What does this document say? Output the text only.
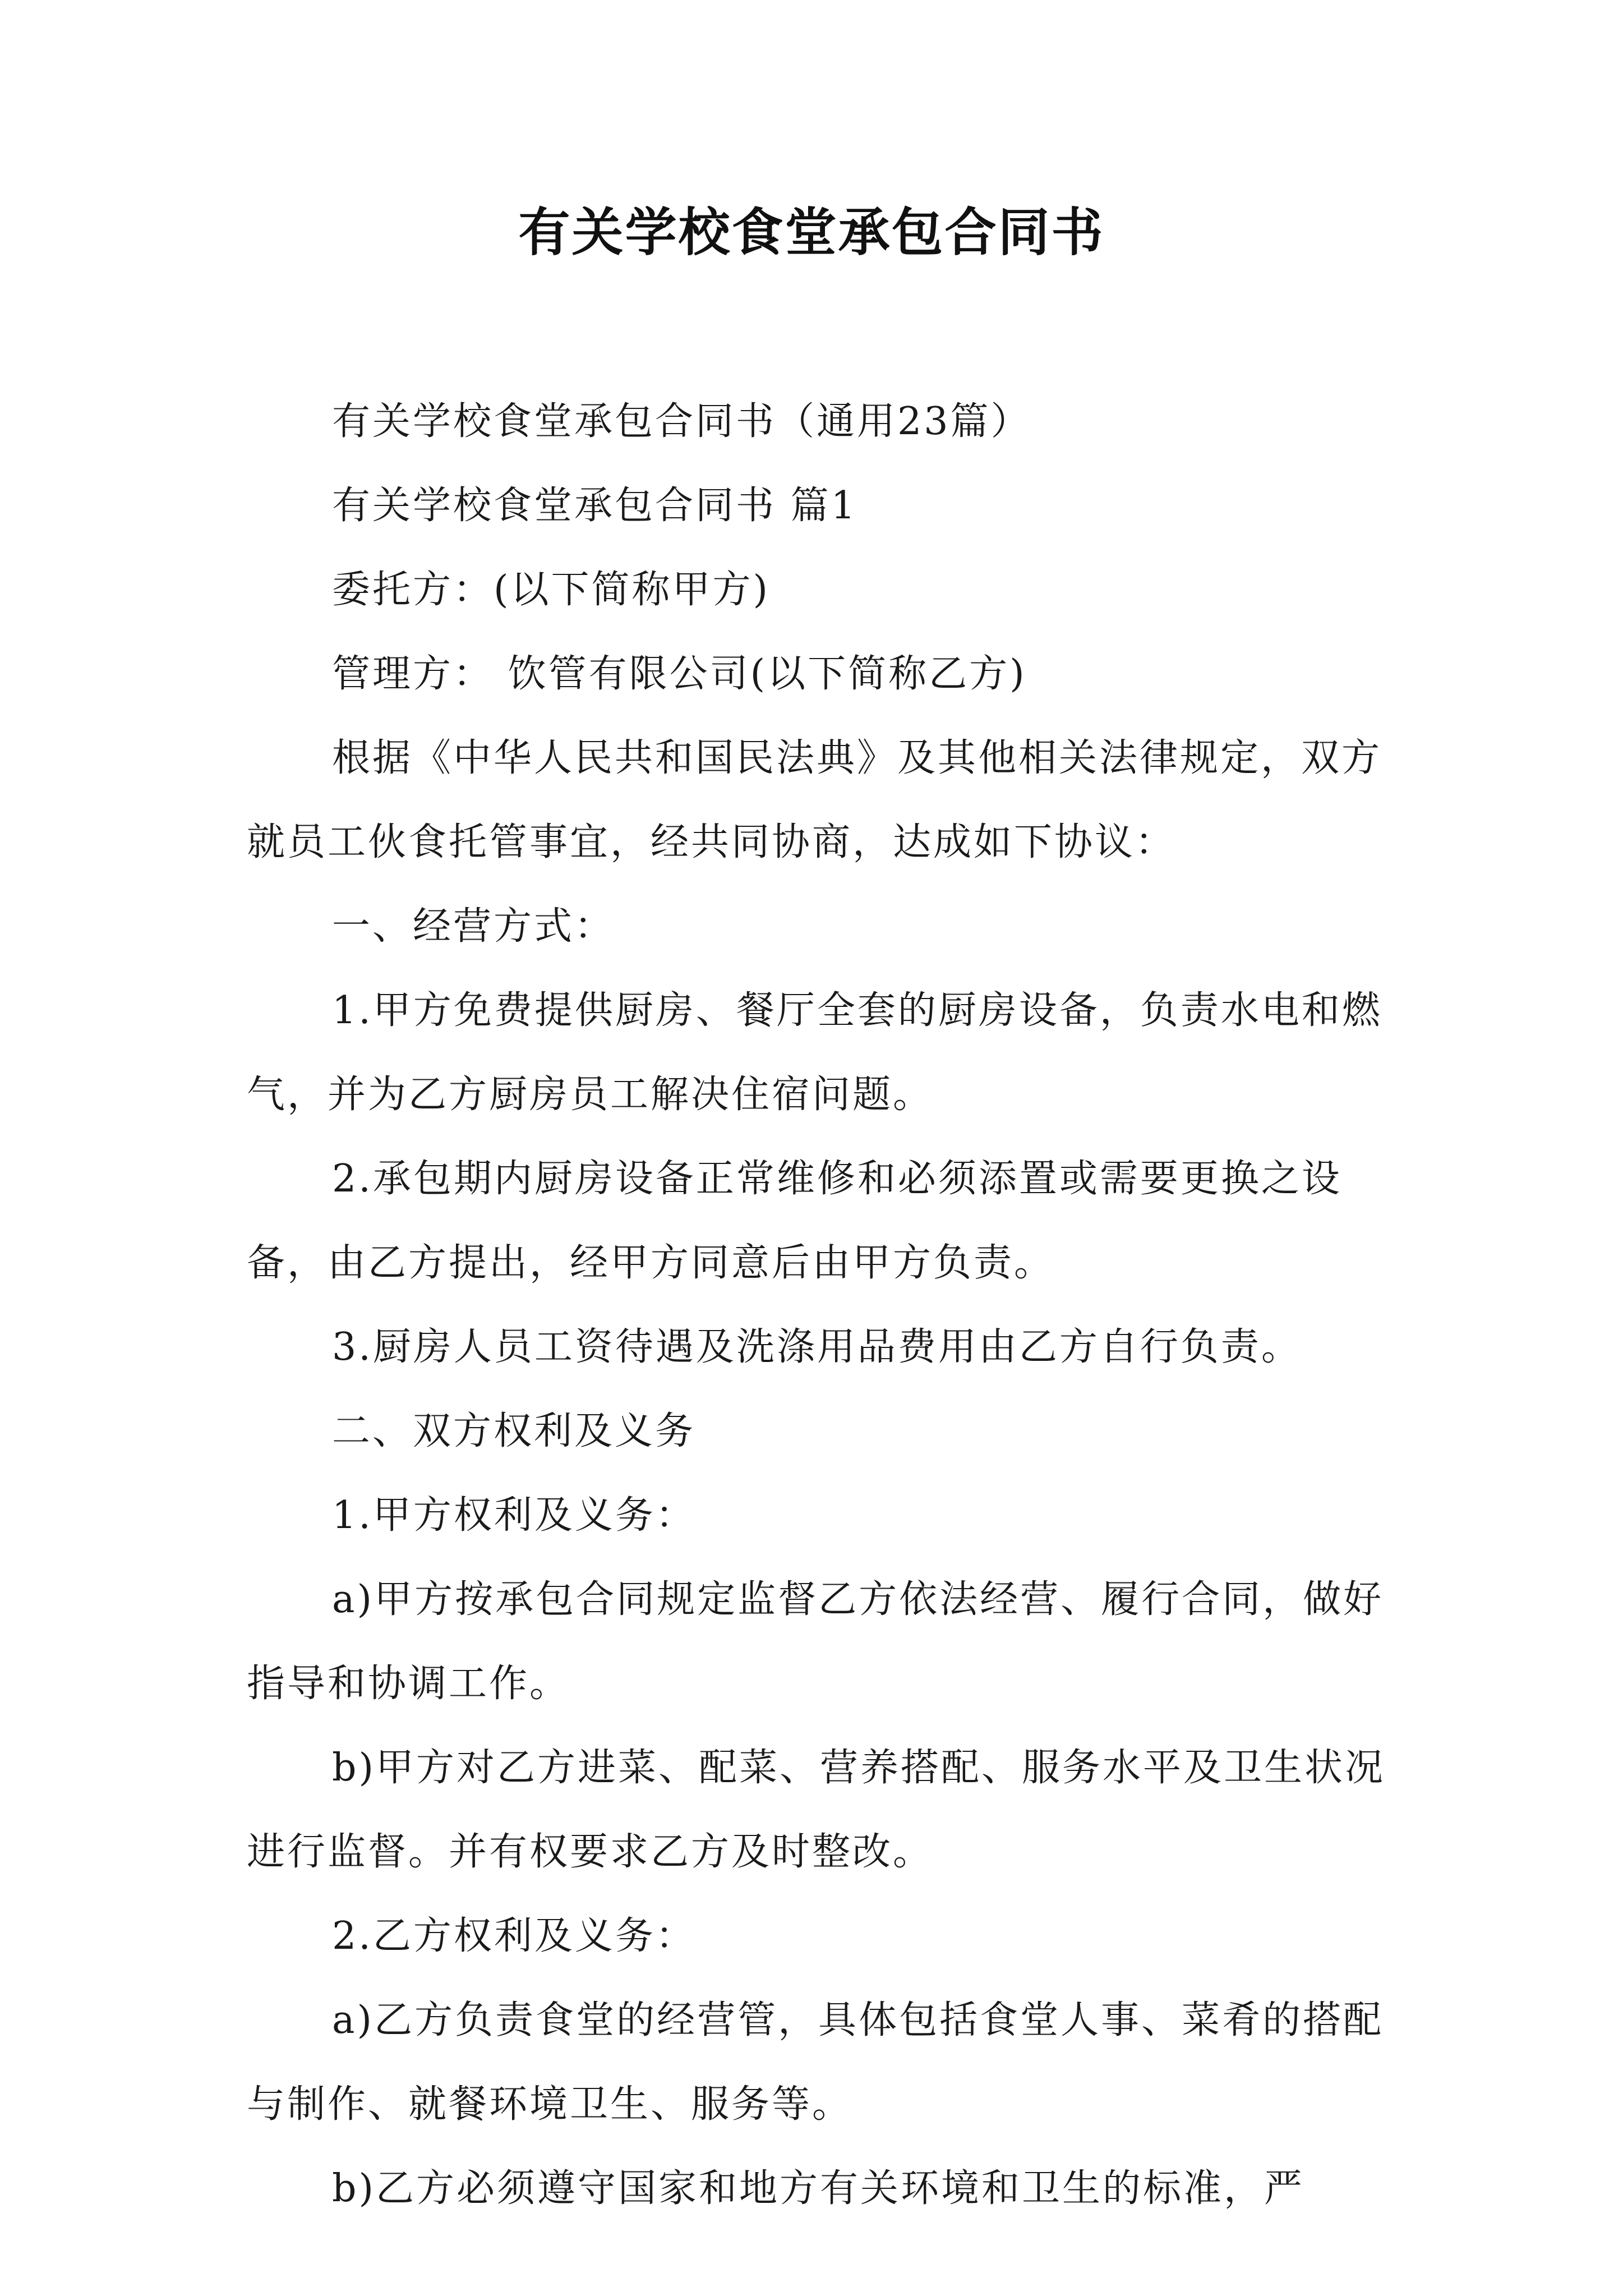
有关学校食堂承包合同书

有关学校食堂承包合同书（通用23篇）

有关学校食堂承包合同书 篇1

委托方：(以下简称甲方)

管理方： 饮管有限公司(以下简称乙方)

根据《中华人民共和国民法典》及其他相关法律规定，双方就员工伙食托管事宜，经共同协商，达成如下协议：

一、经营方式：

1.甲方免费提供厨房、餐厅全套的厨房设备，负责水电和燃气，并为乙方厨房员工解决住宿问题。

2.承包期内厨房设备正常维修和必须添置或需要更换之设备，由乙方提出，经甲方同意后由甲方负责。

3.厨房人员工资待遇及洗涤用品费用由乙方自行负责。

二、双方权利及义务

1.甲方权利及义务：

a)甲方按承包合同规定监督乙方依法经营、履行合同，做好指导和协调工作。

b)甲方对乙方进菜、配菜、营养搭配、服务水平及卫生状况进行监督。并有权要求乙方及时整改。

2.乙方权利及义务：

a)乙方负责食堂的经营管，具体包括食堂人事、菜肴的搭配与制作、就餐环境卫生、服务等。

b)乙方必须遵守国家和地方有关环境和卫生的标准，严
